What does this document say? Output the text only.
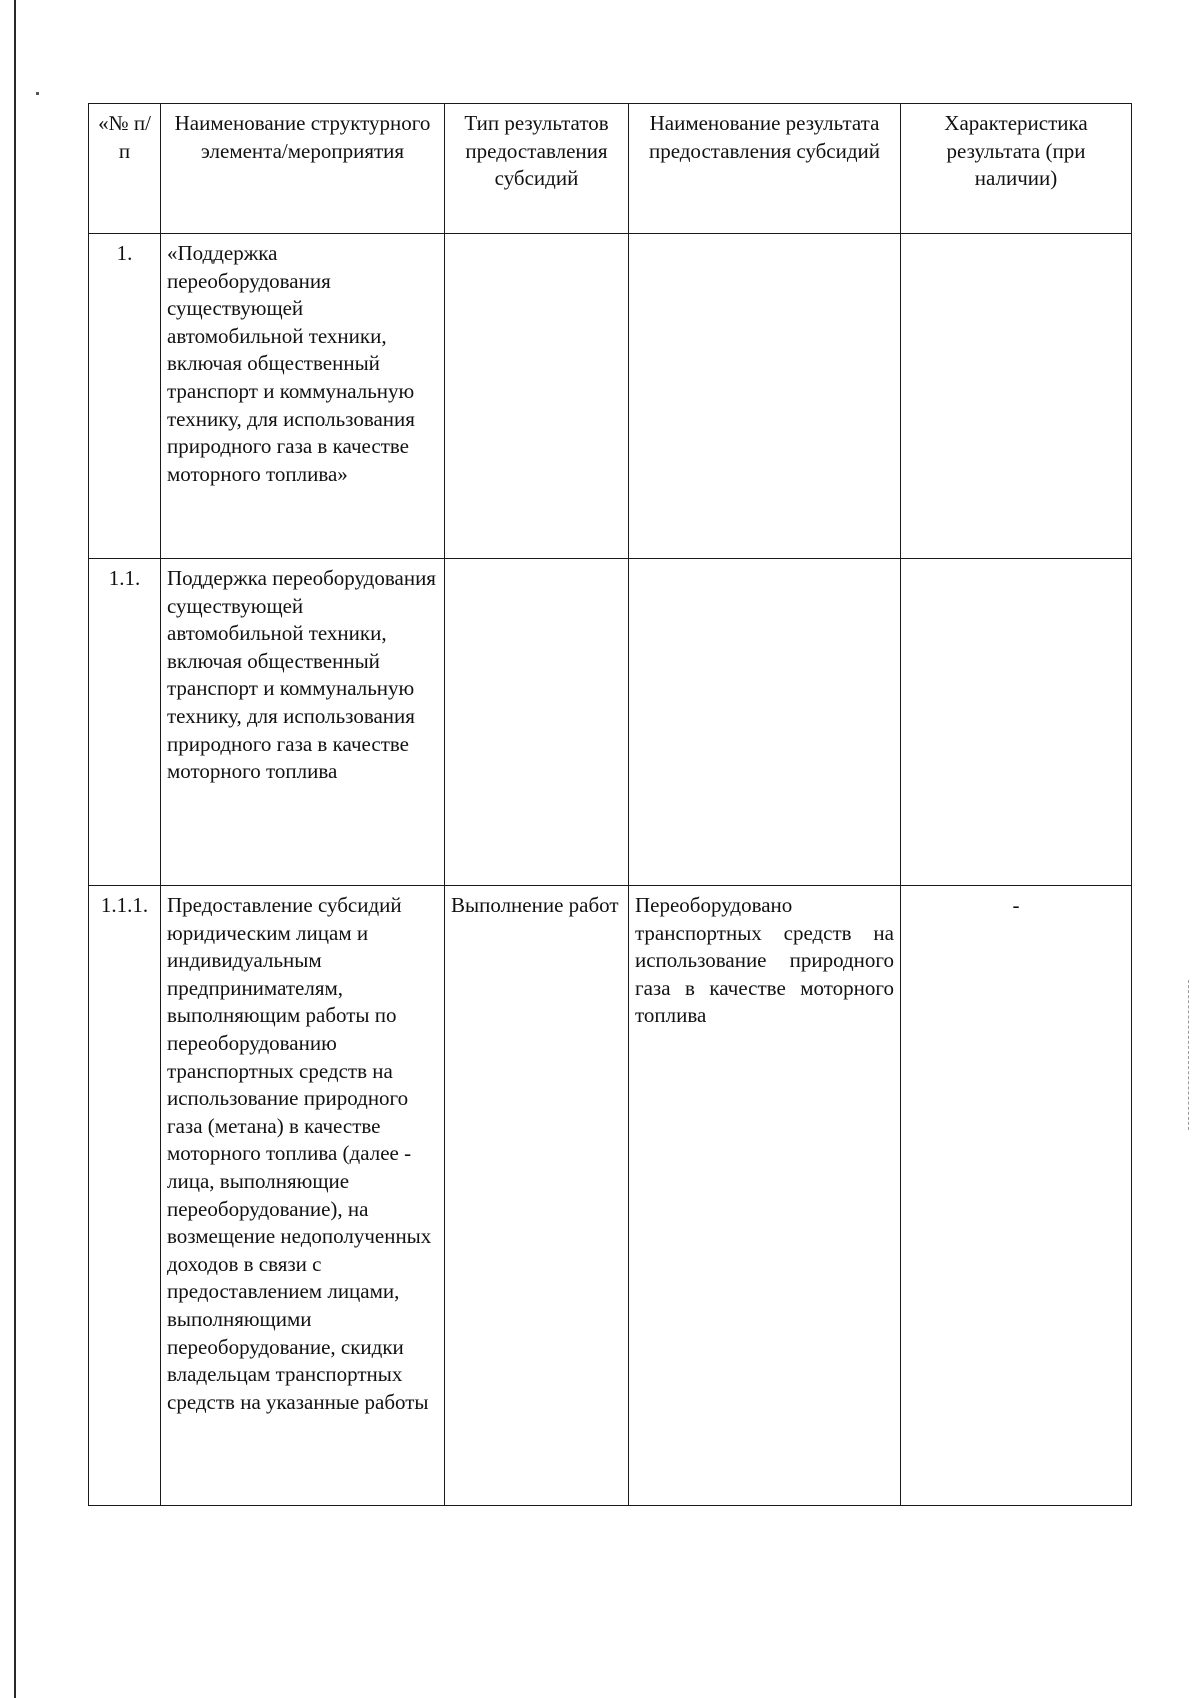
«№ п/п	Наименование структурного элемента/мероприятия	Тип результатов предоставления субсидий	Наименование результата предоставления субсидий	Характеристика результата (при наличии)
1.	«Поддержка переоборудования существующей автомобильной техники, включая общественный транспорт и коммунальную технику, для использования природного газа в качестве моторного топлива»			
1.1.	Поддержка переоборудования существующей автомобильной техники, включая общественный транспорт и коммунальную технику, для использования природного газа в качестве моторного топлива			
1.1.1.	Предоставление субсидий юридическим лицам и индивидуальным предпринимателям, выполняющим работы по переоборудованию транспортных средств на использование природного газа (метана) в качестве моторного топлива (далее - лица, выполняющие переоборудование), на возмещение недополученных доходов в связи с предоставлением лицами, выполняющими переоборудование, скидки владельцам транспортных средств на указанные работы	Выполнение работ	Переоборудовано транспортных средств на использование природного газа в качестве моторного топлива	-
